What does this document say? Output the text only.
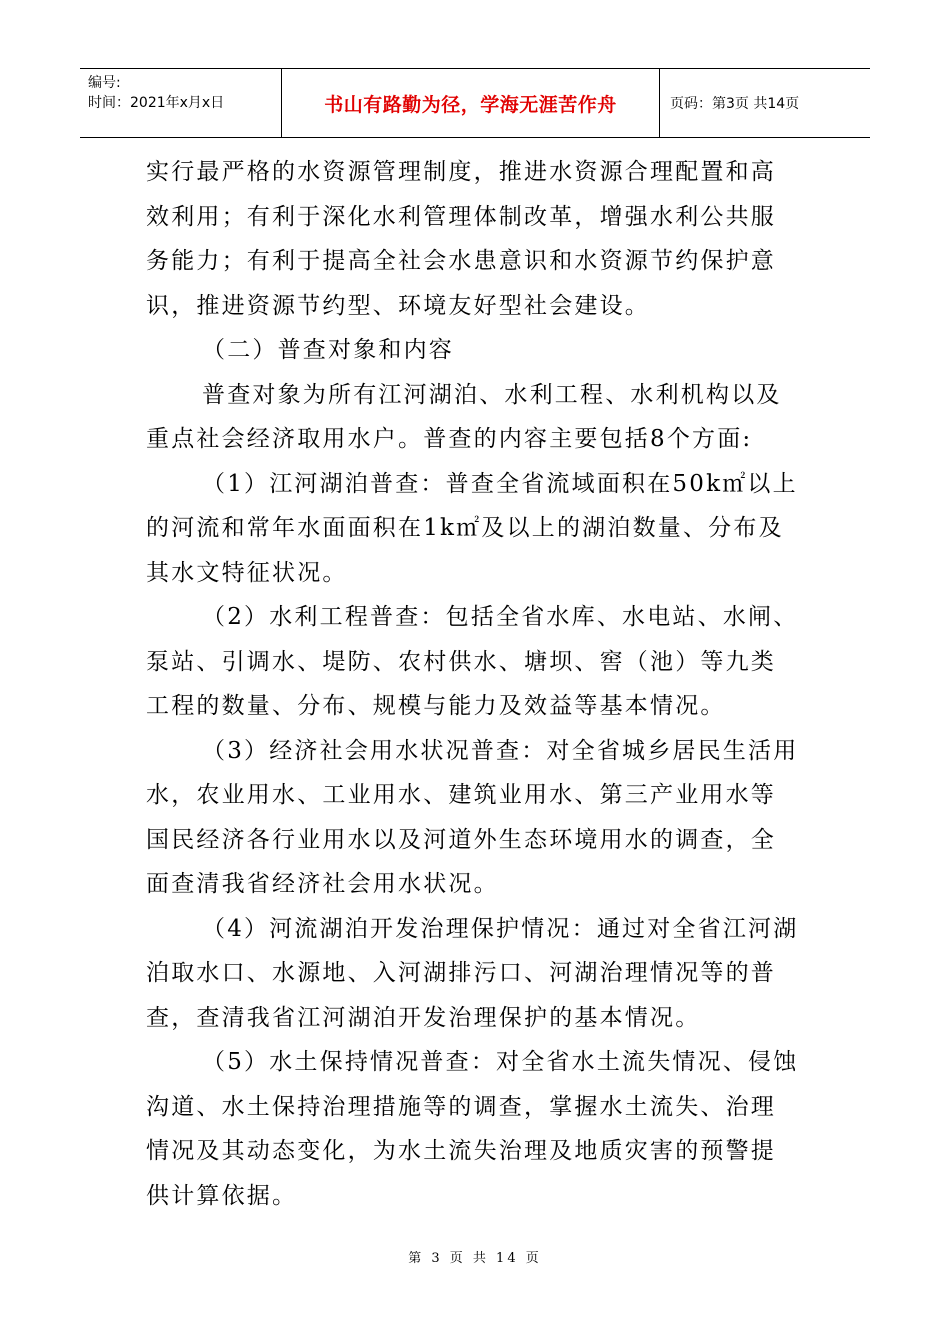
编号:
时间：2021年x月x日	书山有路勤为径，学海无涯苦作舟	页码：第3页 共14页
实行最严格的水资源管理制度，推进水资源合理配置和高
效利用；有利于深化水利管理体制改革，增强水利公共服
务能力；有利于提高全社会水患意识和水资源节约保护意
识，推进资源节约型、环境友好型社会建设。
（二）普查对象和内容
普查对象为所有江河湖泊、水利工程、水利机构以及
重点社会经济取用水户。普查的内容主要包括8个方面:
（1）江河湖泊普查：普查全省流域面积在50k㎡以上
的河流和常年水面面积在1k㎡及以上的湖泊数量、分布及
其水文特征状况。
（2）水利工程普查：包括全省水库、水电站、水闸、
泵站、引调水、堤防、农村供水、塘坝、窖（池）等九类
工程的数量、分布、规模与能力及效益等基本情况。
（3）经济社会用水状况普查：对全省城乡居民生活用
水，农业用水、工业用水、建筑业用水、第三产业用水等
国民经济各行业用水以及河道外生态环境用水的调查，全
面查清我省经济社会用水状况。
（4）河流湖泊开发治理保护情况：通过对全省江河湖
泊取水口、水源地、入河湖排污口、河湖治理情况等的普
查，查清我省江河湖泊开发治理保护的基本情况。
（5）水土保持情况普查：对全省水土流失情况、侵蚀
沟道、水土保持治理措施等的调查，掌握水土流失、治理
情况及其动态变化，为水土流失治理及地质灾害的预警提
供计算依据。
第 3 页 共 14 页
